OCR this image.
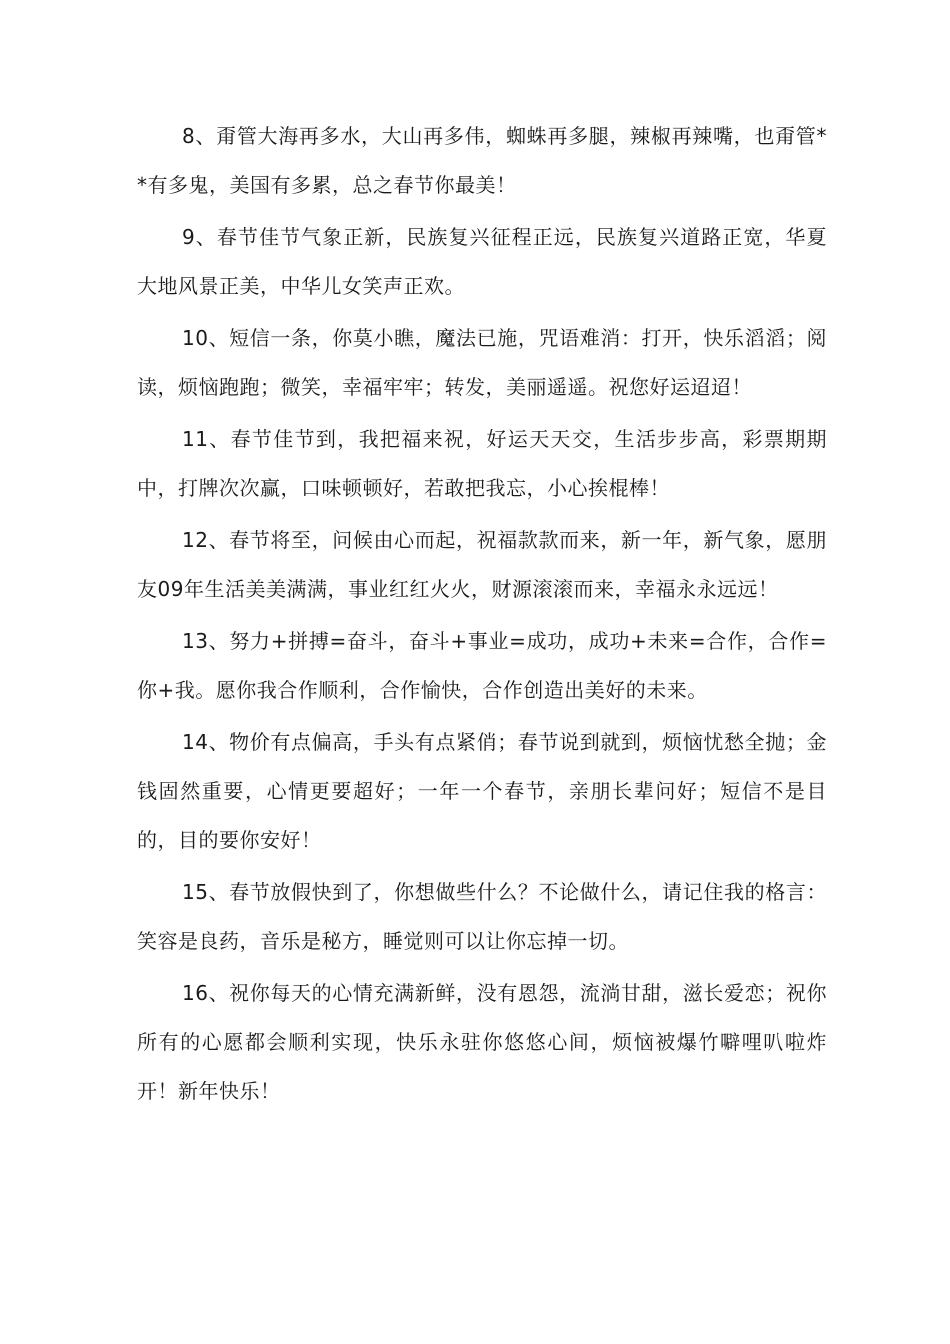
8、甭管大海再多水，大山再多伟，蜘蛛再多腿，辣椒再辣嘴，也甭管**有多鬼，美国有多累，总之春节你最美！

9、春节佳节气象正新，民族复兴征程正远，民族复兴道路正宽，华夏大地风景正美，中华儿女笑声正欢。

10、短信一条，你莫小瞧，魔法已施，咒语难消：打开，快乐滔滔；阅读，烦恼跑跑；微笑，幸福牢牢；转发，美丽遥遥。祝您好运迢迢！

11、春节佳节到，我把福来祝，好运天天交，生活步步高，彩票期期中，打牌次次赢，口味顿顿好，若敢把我忘，小心挨棍棒！

12、春节将至，问候由心而起，祝福款款而来，新一年，新气象，愿朋友09年生活美美满满，事业红红火火，财源滚滚而来，幸福永永远远！

13、努力+拼搏=奋斗，奋斗+事业=成功，成功+未来=合作，合作=你+我。愿你我合作顺利，合作愉快，合作创造出美好的未来。

14、物价有点偏高，手头有点紧俏；春节说到就到，烦恼忧愁全抛；金钱固然重要，心情更要超好；一年一个春节，亲朋长辈问好；短信不是目的，目的要你安好！

15、春节放假快到了，你想做些什么？不论做什么，请记住我的格言：笑容是良药，音乐是秘方，睡觉则可以让你忘掉一切。

16、祝你每天的心情充满新鲜，没有恩怨，流淌甘甜，滋长爱恋；祝你所有的心愿都会顺利实现，快乐永驻你悠悠心间，烦恼被爆竹噼哩叭啦炸开！新年快乐！
